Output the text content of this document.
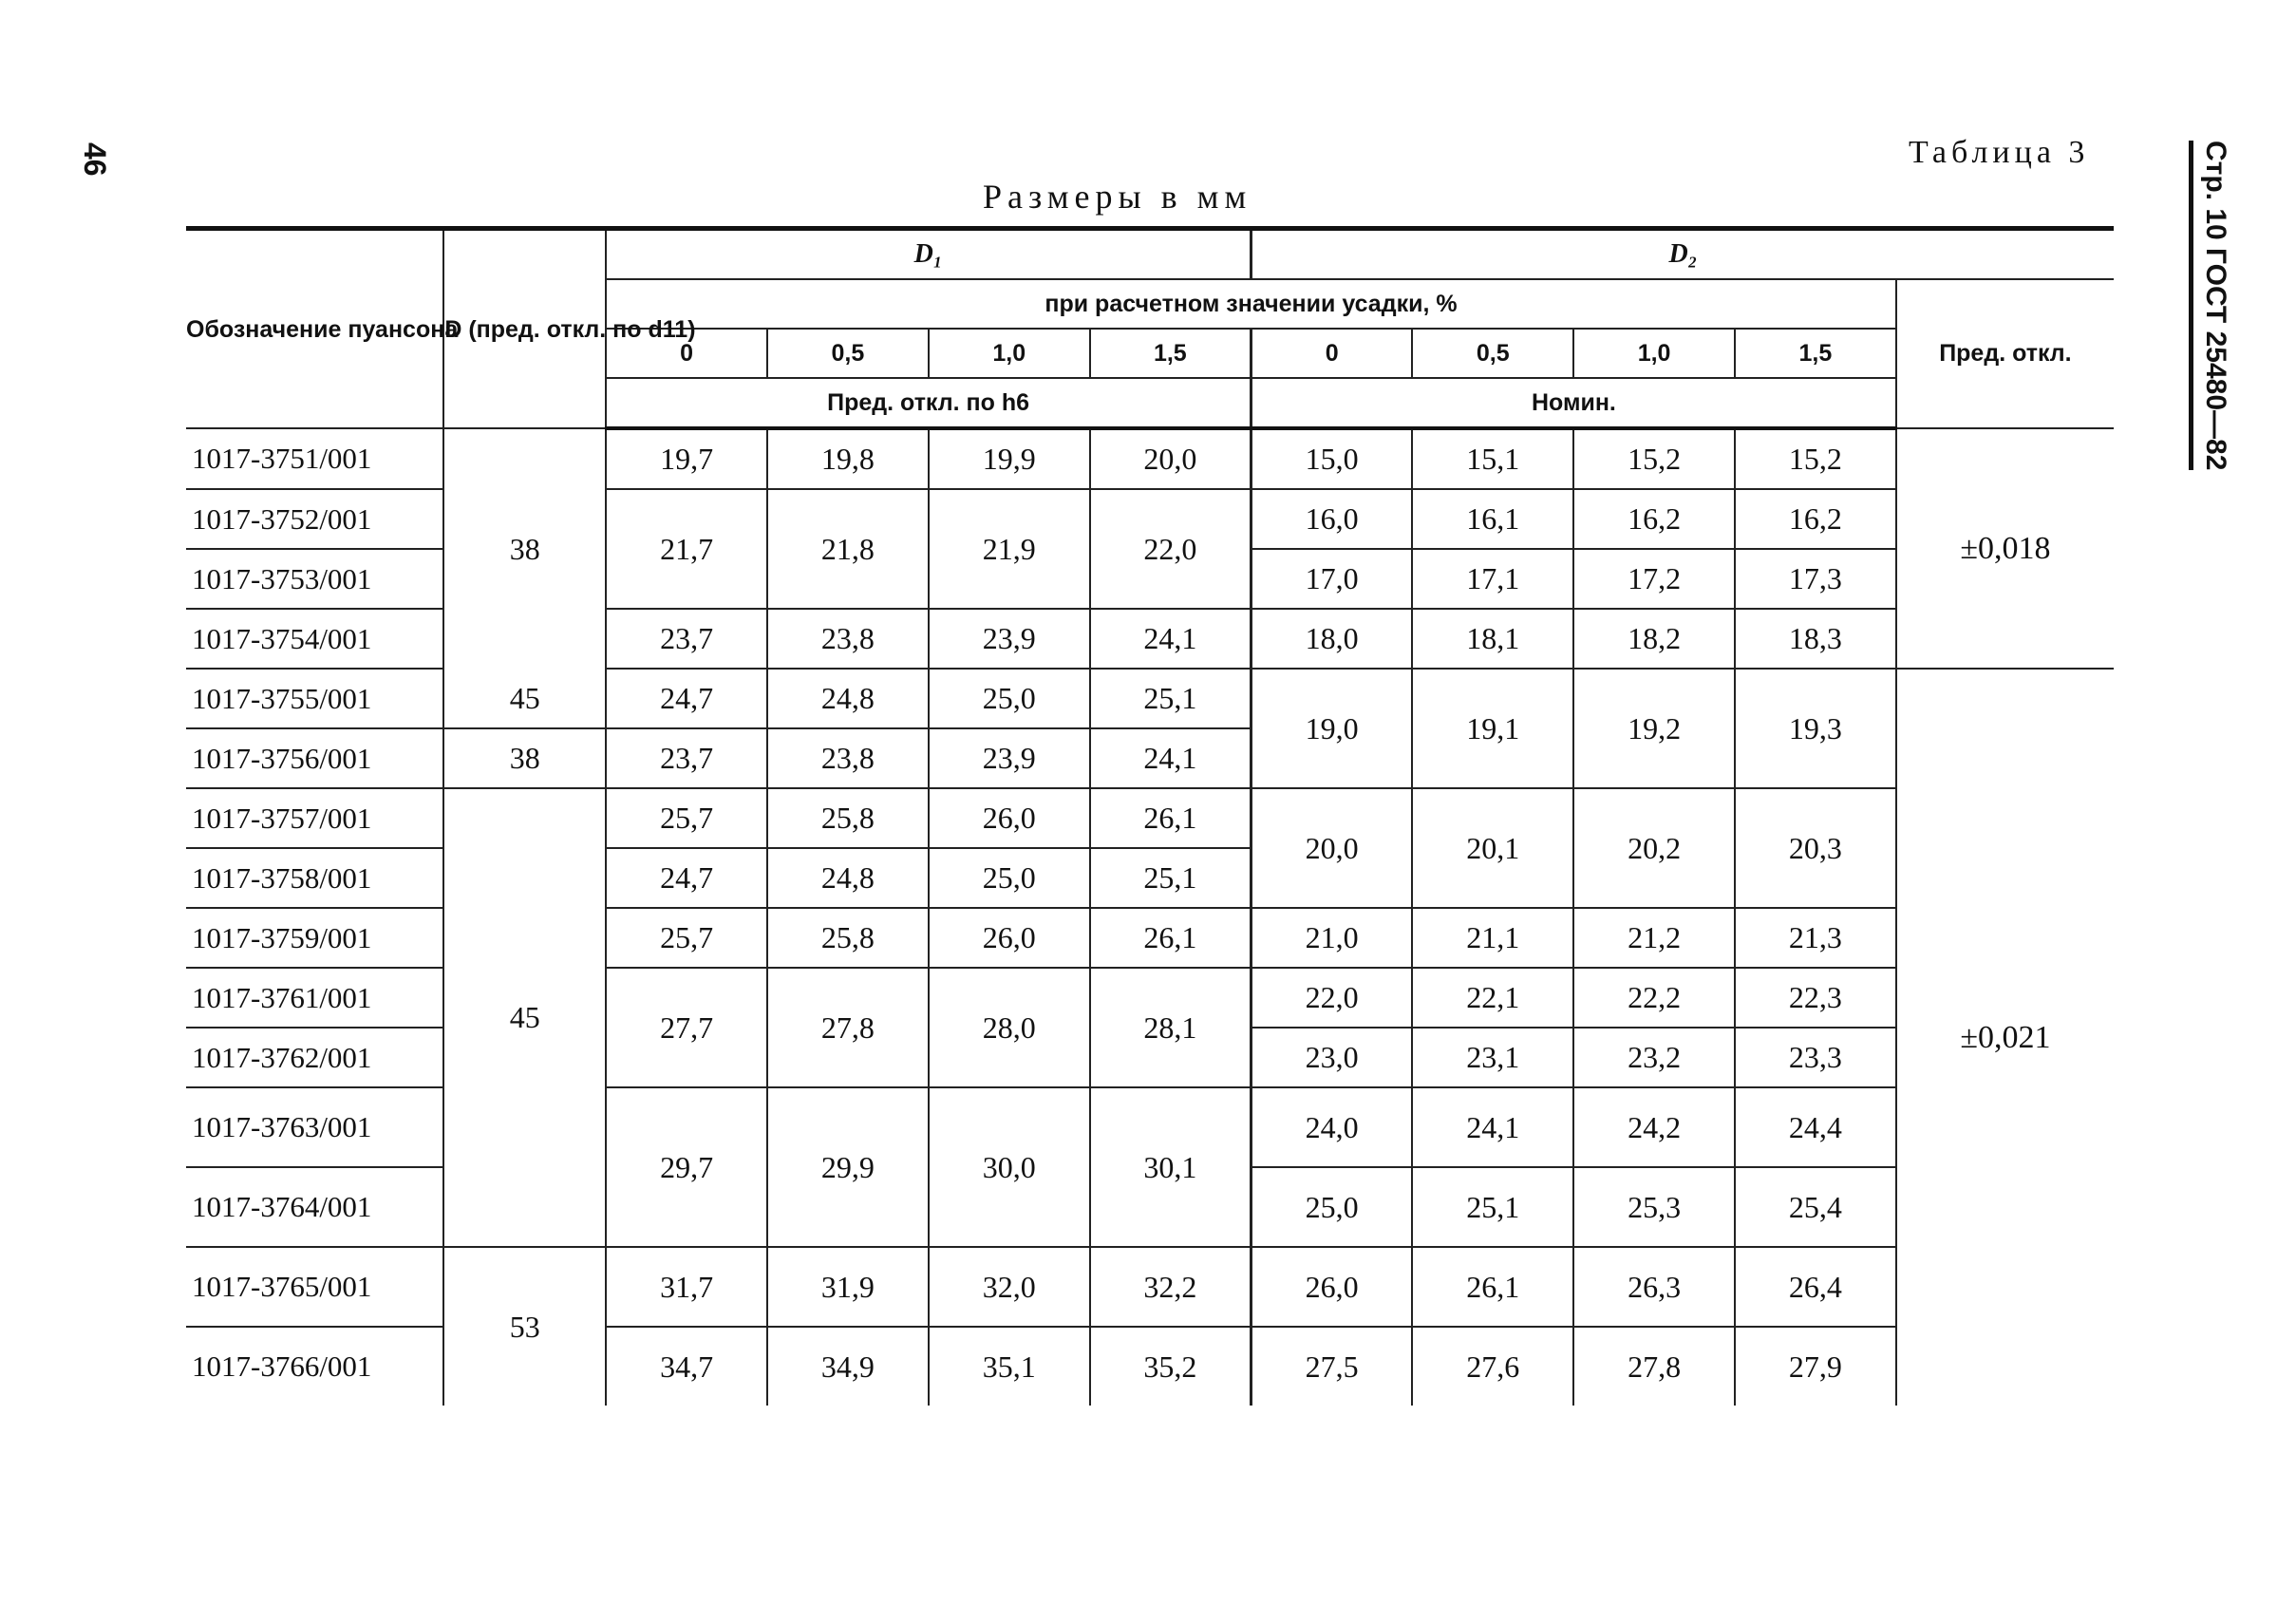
46	Стр. 10 ГОСТ 25480—82
Таблица 3
Размеры в мм
Обозначение пуансона	D (пред. откл. по d11)	D₁				D₂				
		при расчетном значении усадки, %								Пред. откл.
		0	0,5	1,0	1,5	0	0,5	1,0	1,5	
		Пред. откл. по h6				Номин.				
1017-3751/001	38	19,7	19,8	19,9	20,0	15,0	15,1	15,2	15,2	±0,018
1017-3752/001		21,7	21,8	21,9	22,0	16,0	16,1	16,2	16,2	
1017-3753/001						17,0	17,1	17,2	17,3	
1017-3754/001		23,7	23,8	23,9	24,1	18,0	18,1	18,2	18,3	
1017-3755/001	45	24,7	24,8	25,0	25,1	19,0	19,1	19,2	19,3	±0,021
1017-3756/001	38	23,7	23,8	23,9	24,1					
1017-3757/001	45	25,7	25,8	26,0	26,1	20,0	20,1	20,2	20,3	
1017-3758/001		24,7	24,8	25,0	25,1					
1017-3759/001		25,7	25,8	26,0	26,1	21,0	21,1	21,2	21,3	
1017-3761/001		27,7	27,8	28,0	28,1	22,0	22,1	22,2	22,3	
1017-3762/001						23,0	23,1	23,2	23,3	
1017-3763/001		29,7	29,9	30,0	30,1	24,0	24,1	24,2	24,4	
1017-3764/001						25,0	25,1	25,3	25,4	
1017-3765/001	53	31,7	31,9	32,0	32,2	26,0	26,1	26,3	26,4	
1017-3766/001		34,7	34,9	35,1	35,2	27,5	27,6	27,8	27,9	
